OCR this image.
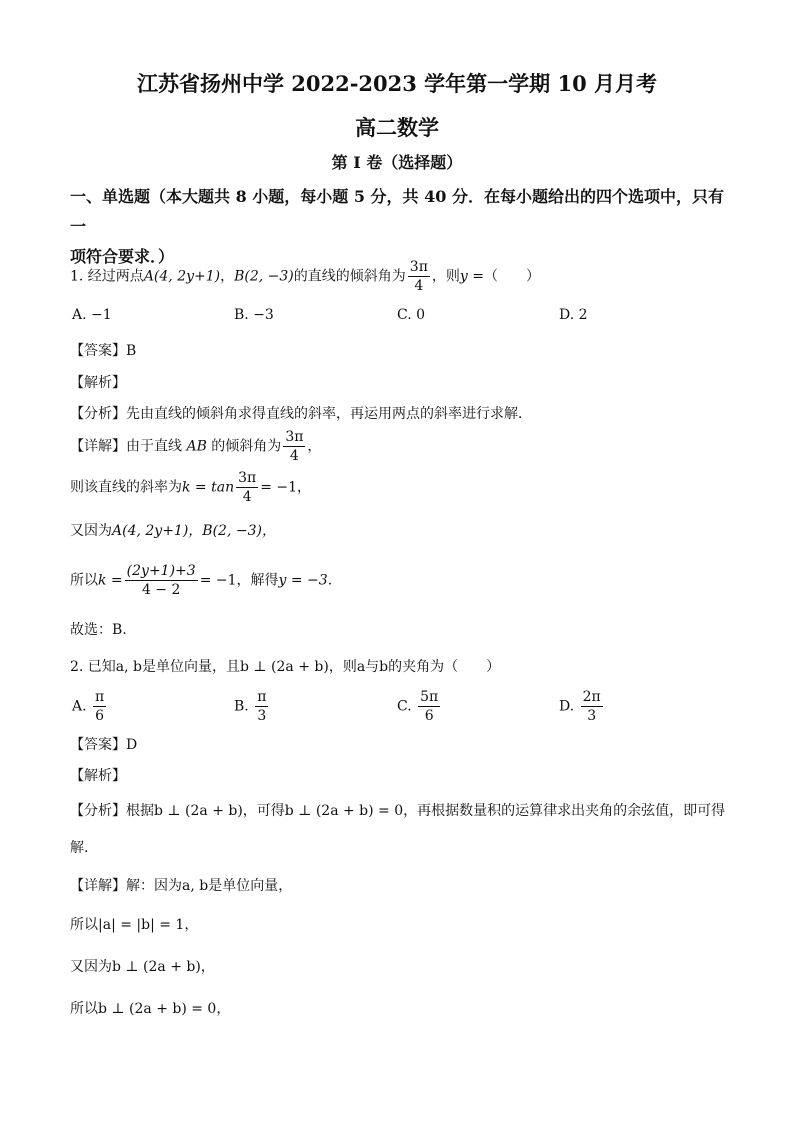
江苏省扬州中学 2022-2023 学年第一学期 10 月月考
高二数学
第 I 卷（选择题）
一、单选题（本大题共 8 小题，每小题 5 分，共 40 分．在每小题给出的四个选项中，只有一
项符合要求．）
1. 经过两点A(4, 2y+1)，B(2, −3)的直线的倾斜角为 $\frac{3\pi}{4}$ ，则y =（　　）
A. −1	B. −3	C. 0	D. 2
【答案】B
【解析】
【分析】先由直线的倾斜角求得直线的斜率，再运用两点的斜率进行求解．
【详解】由于直线 AB 的倾斜角为 $\frac{3\pi}{4}$ ，
则该直线的斜率为$k = \tan \frac{3\pi}{4} = -1$，
又因为A(4, 2y+1)，B(2, −3)，
所以$k = \frac{(2y+1)+3}{4 - 2} = -1$，解得y = −3.
故选：B.
2. 已知a, b是单位向量，且b ⊥ (2a + b)，则a与b的夹角为（　　）
A. $\frac{\pi}{6}$	B. $\frac{\pi}{3}$	C. $\frac{5\pi}{6}$	D. $\frac{2\pi}{3}$
【答案】D
【解析】
【分析】根据b ⊥ (2a + b)，可得b ⊥ (2a + b) = 0，再根据数量积的运算律求出夹角的余弦值，即可得
解.
【详解】解：因为a, b是单位向量，
所以|a| = |b| = 1，
又因为b ⊥ (2a + b)，
所以b ⊥ (2a + b) = 0，
